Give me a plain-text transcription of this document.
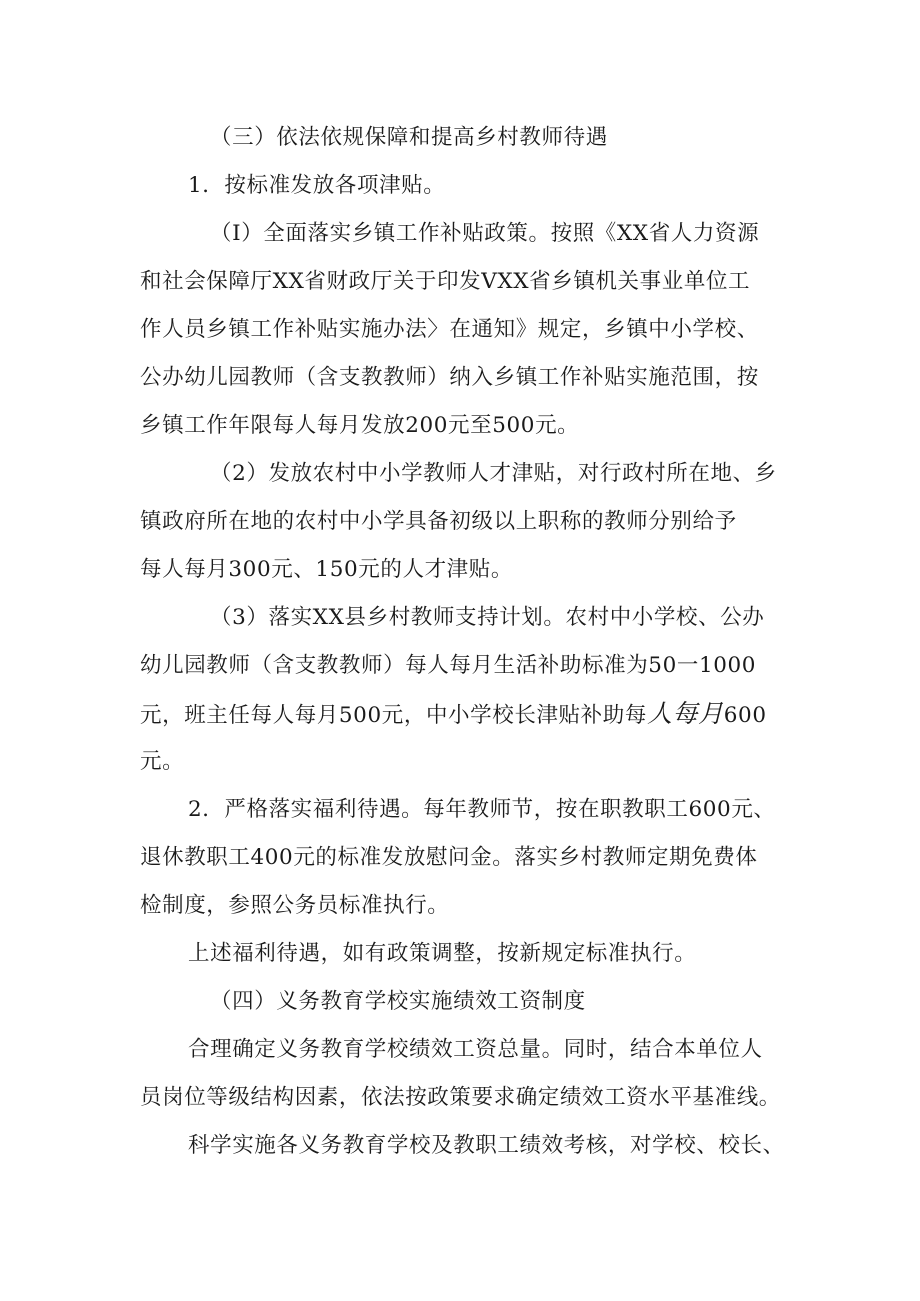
（三）依法依规保障和提高乡村教师待遇
1．按标准发放各项津贴。
（I）全面落实乡镇工作补贴政策。按照《XX省人力资源
和社会保障厅XX省财政厅关于印发VXX省乡镇机关事业单位工
作人员乡镇工作补贴实施办法〉在通知》规定，乡镇中小学校、
公办幼儿园教师（含支教教师）纳入乡镇工作补贴实施范围，按
乡镇工作年限每人每月发放200元至500元。
（2）发放农村中小学教师人才津贴，对行政村所在地、乡
镇政府所在地的农村中小学具备初级以上职称的教师分别给予
每人每月300元、150元的人才津贴。
（3）落实XX县乡村教师支持计划。农村中小学校、公办
幼儿园教师（含支教教师）每人每月生活补助标准为50一1000
元，班主任每人每月500元，中小学校长津贴补助每人每月600
元。
2．严格落实福利待遇。每年教师节，按在职教职工600元、
退休教职工400元的标准发放慰问金。落实乡村教师定期免费体
检制度，参照公务员标准执行。
上述福利待遇，如有政策调整，按新规定标准执行。
（四）义务教育学校实施绩效工资制度
合理确定义务教育学校绩效工资总量。同时，结合本单位人
员岗位等级结构因素，依法按政策要求确定绩效工资水平基准线。
科学实施各义务教育学校及教职工绩效考核，对学校、校长、
